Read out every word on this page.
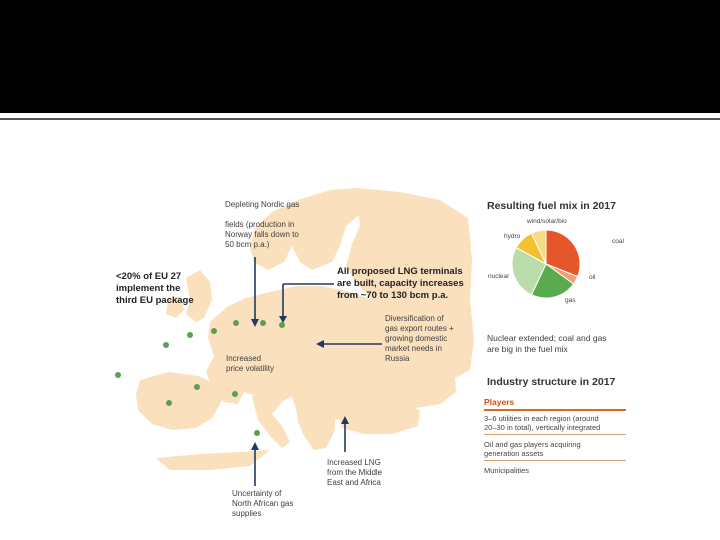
Depleting Nordic gas
fields (production in
Norway falls down to
50 bcm p.a.)
<20% of EU 27
implement the
third EU package
All proposed LNG terminals
are built, capacity increases
from ~70 to 130 bcm p.a.
Diversification of
gas export routes +
growing domestic
market needs in
Russia
Increased
price volatility
Increased LNG
from the Middle
East and Africa
Uncertainty of
North African gas
supplies
Resulting fuel mix in 2017
wind/solar/bio
hydro
coal
nuclear	oil
gas
Nuclear extended; coal and gas
are big in the fuel mix
Industry structure in 2017
Players
3–6 utilities in each region (around
20–30 in total), vertically integrated
Oil and gas players acquiring
generation assets
Municipalities
